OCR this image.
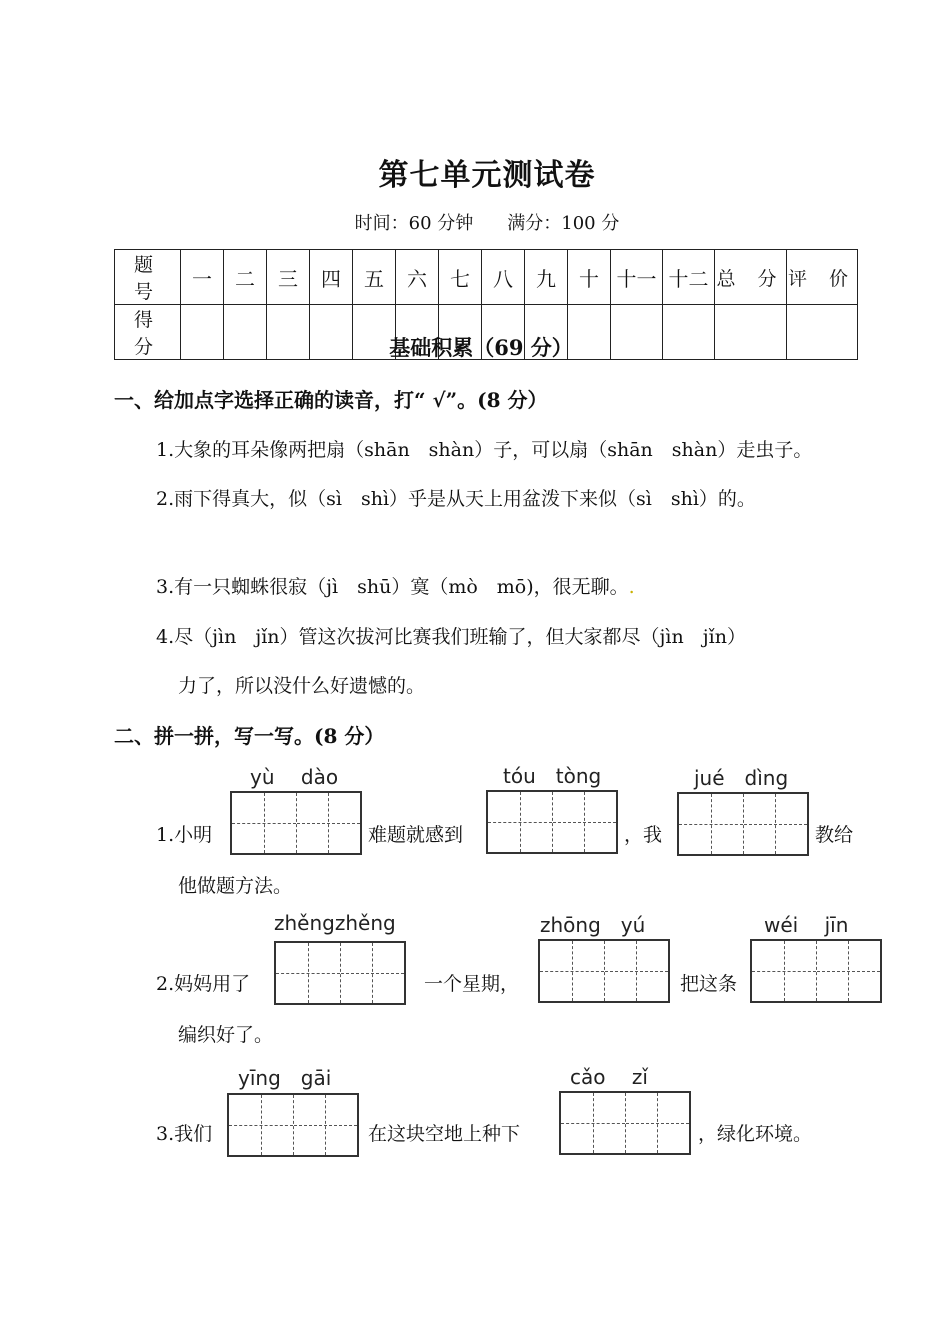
第七单元测试卷
时间：60 分钟 满分：100 分
题 号	一	二	三	四	五	六	七	八	九	十	十一	十二	总 分	评 价
得 分															基础积累（69 分）
一、给加点字选择正确的读音，打“ √”。(8 分）
1.大象的耳朵像两把扇（shān　shàn）子，可以扇（shān　shàn）走虫子。
2.雨下得真大，似（sì　shì）乎是从天上用盆泼下来似（sì　shì）的。
3.有一只蜘蛛很寂（jì　shū）寞（mò　mō)，很无聊。.
4.尽（jìn　jǐn）管这次拔河比赛我们班输了，但大家都尽（jìn　jǐn）
力了，所以没什么好遗憾的。
二、拼一拼，写一写。(8 分）
yù　 dào	tóu　tòng	jué　dìng
1.小明	难题就感到	，我	教给
他做题方法。
zhěngzhěng	zhōng　yú	wéi　 jīn
2.妈妈用了	一个星期，	把这条
编织好了。
yīng　gāi	cǎo　 zǐ
3.我们	在这块空地上种下	，绿化环境。
